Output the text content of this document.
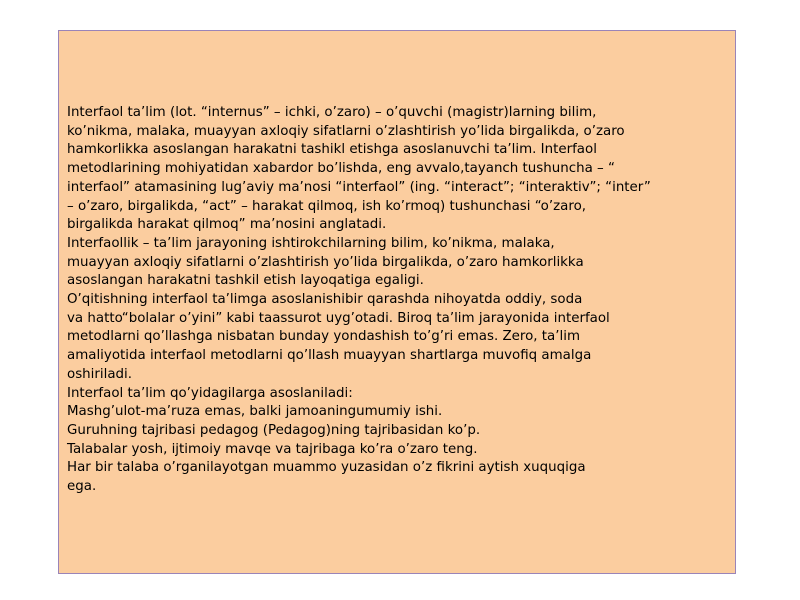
Interfaol ta’lim (lot. “internus” – ichki, o’zaro) – o’quvchi (magistr)larning bilim,
ko’nikma, malaka, muayyan axloqiy sifatlarni o’zlashtirish yo’lida birgalikda, o’zaro
hamkorlikka asoslangan harakatni tashikl etishga asoslanuvchi ta’lim. Interfaol
metodlarining mohiyatidan xabardor bo’lishda, eng avvalo,tayanch tushuncha – “
interfaol” atamasining lug’aviy ma’nosi “interfaol” (ing. “interact”; “interaktiv”; “inter”
– o’zaro, birgalikda, “act” – harakat qilmoq, ish ko’rmoq) tushunchasi “o’zaro,
birgalikda harakat qilmoq” ma’nosini anglatadi.
Interfaollik – ta’lim jarayoning ishtirokchilarning bilim, ko’nikma, malaka,
muayyan axloqiy sifatlarni o’zlashtirish yo’lida birgalikda, o’zaro hamkorlikka
asoslangan harakatni tashkil etish layoqatiga egaligi.
O’qitishning interfaol ta’limga asoslanishibir qarashda nihoyatda oddiy, soda
va hatto“bolalar o’yini” kabi taassurot uyg’otadi. Biroq ta’lim jarayonida interfaol
metodlarni qo’llashga nisbatan bunday yondashish to’g’ri emas. Zero, ta’lim
amaliyotida interfaol metodlarni qo’llash muayyan shartlarga muvofiq amalga
oshiriladi.
Interfaol ta’lim qo’yidagilarga asoslaniladi:
Mashg’ulot-ma’ruza emas, balki jamoaningumumiy ishi.
Guruhning tajribasi pedagog (Pedagog)ning tajribasidan ko’p.
Talabalar yosh, ijtimoiy mavqe va tajribaga ko’ra o’zaro teng.
Har bir talaba o’rganilayotgan muammo yuzasidan o’z fikrini aytish xuquqiga
ega.
